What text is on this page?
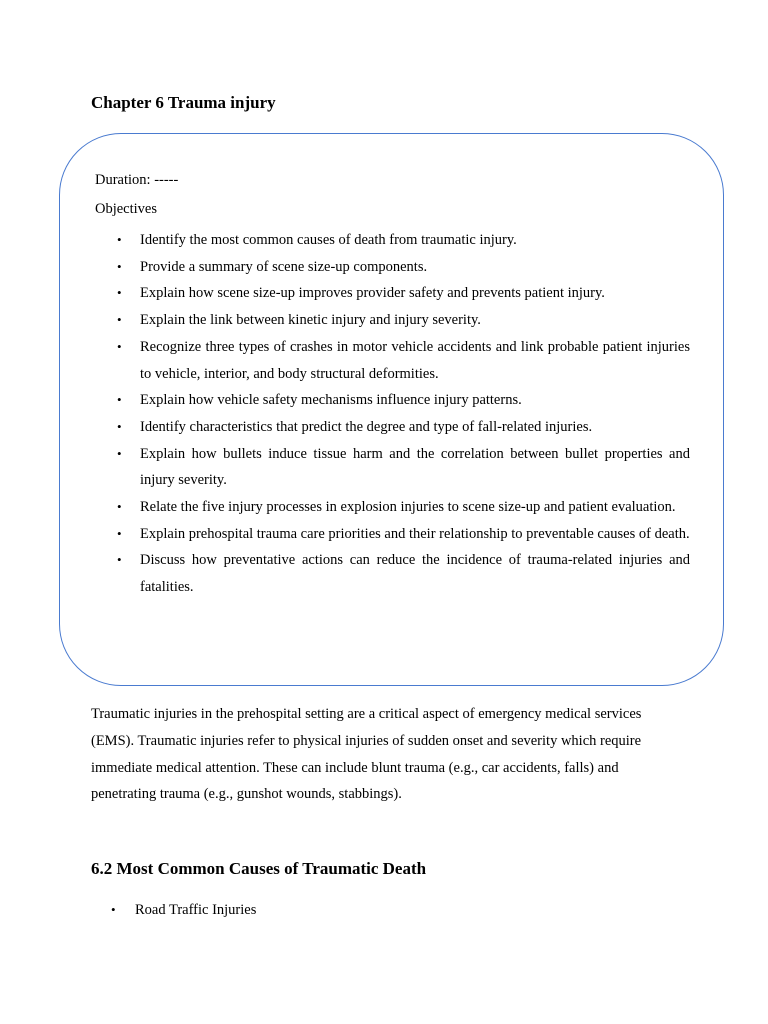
Chapter 6 Trauma injury
Duration: -----
Objectives
• Identify the most common causes of death from traumatic injury.
• Provide a summary of scene size-up components.
• Explain how scene size-up improves provider safety and prevents patient injury.
• Explain the link between kinetic injury and injury severity.
• Recognize three types of crashes in motor vehicle accidents and link probable patient injuries to vehicle, interior, and body structural deformities.
• Explain how vehicle safety mechanisms influence injury patterns.
• Identify characteristics that predict the degree and type of fall-related injuries.
• Explain how bullets induce tissue harm and the correlation between bullet properties and injury severity.
• Relate the five injury processes in explosion injuries to scene size-up and patient evaluation.
• Explain prehospital trauma care priorities and their relationship to preventable causes of death.
• Discuss how preventative actions can reduce the incidence of trauma-related injuries and fatalities.

Traumatic injuries in the prehospital setting are a critical aspect of emergency medical services (EMS). Traumatic injuries refer to physical injuries of sudden onset and severity which require immediate medical attention. These can include blunt trauma (e.g., car accidents, falls) and penetrating trauma (e.g., gunshot wounds, stabbings).

6.2 Most Common Causes of Traumatic Death
• Road Traffic Injuries
